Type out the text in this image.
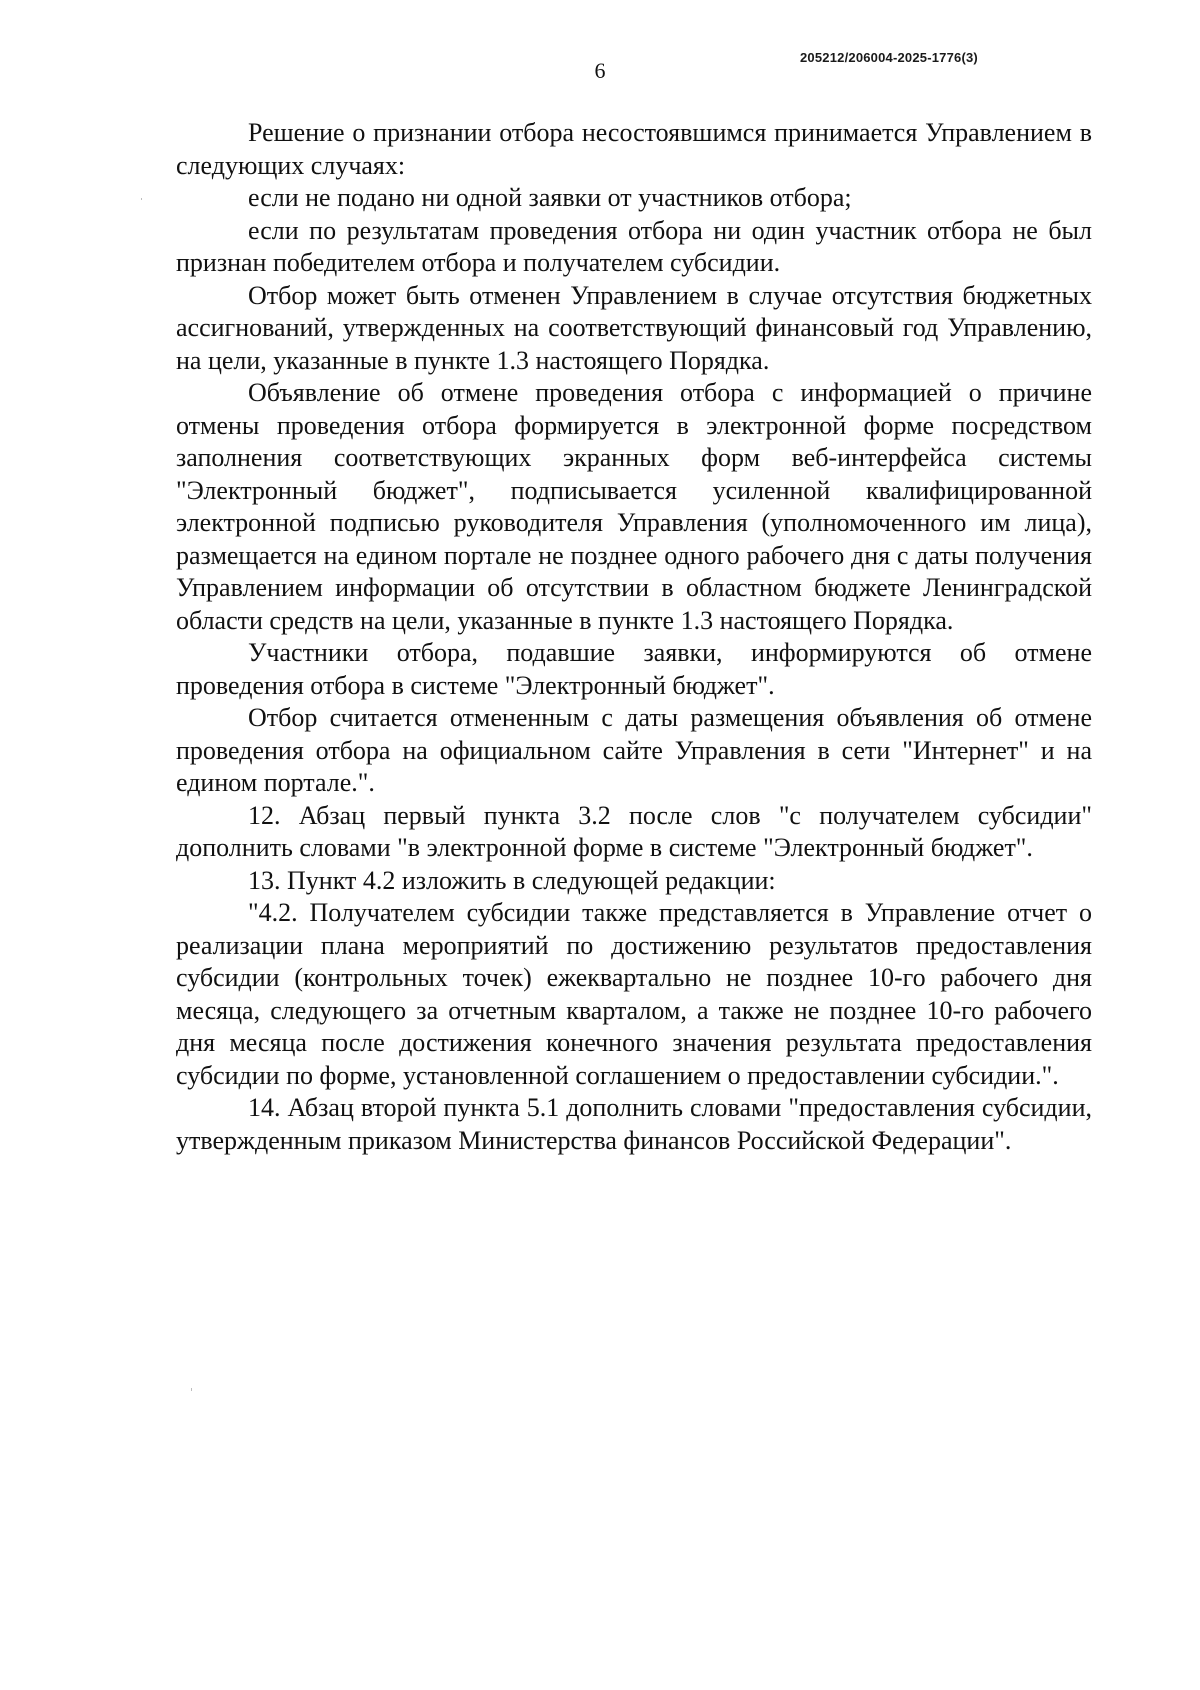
205212/206004-2025-1776(3)
6

Решение о признании отбора несостоявшимся принимается Управлением в следующих случаях:

если не подано ни одной заявки от участников отбора;

если по результатам проведения отбора ни один участник отбора не был признан победителем отбора и получателем субсидии.

Отбор может быть отменен Управлением в случае отсутствия бюджетных ассигнований, утвержденных на соответствующий финансовый год Управлению, на цели, указанные в пункте 1.3 настоящего Порядка.

Объявление об отмене проведения отбора с информацией о причине отмены проведения отбора формируется в электронной форме посредством заполнения соответствующих экранных форм веб-интерфейса системы "Электронный бюджет", подписывается усиленной квалифицированной электронной подписью руководителя Управления (уполномоченного им лица), размещается на едином портале не позднее одного рабочего дня с даты получения Управлением информации об отсутствии в областном бюджете Ленинградской области средств на цели, указанные в пункте 1.3 настоящего Порядка.

Участники отбора, подавшие заявки, информируются об отмене проведения отбора в системе "Электронный бюджет".

Отбор считается отмененным с даты размещения объявления об отмене проведения отбора на официальном сайте Управления в сети "Интернет" и на едином портале.".

12. Абзац первый пункта 3.2 после слов "с получателем субсидии" дополнить словами "в электронной форме в системе "Электронный бюджет".

13. Пункт 4.2 изложить в следующей редакции:

"4.2. Получателем субсидии также представляется в Управление отчет о реализации плана мероприятий по достижению результатов предоставления субсидии (контрольных точек) ежеквартально не позднее 10-го рабочего дня месяца, следующего за отчетным кварталом, а также не позднее 10-го рабочего дня месяца после достижения конечного значения результата предоставления субсидии по форме, установленной соглашением о предоставлении субсидии.".

14. Абзац второй пункта 5.1 дополнить словами "предоставления субсидии, утвержденным приказом Министерства финансов Российской Федерации".
